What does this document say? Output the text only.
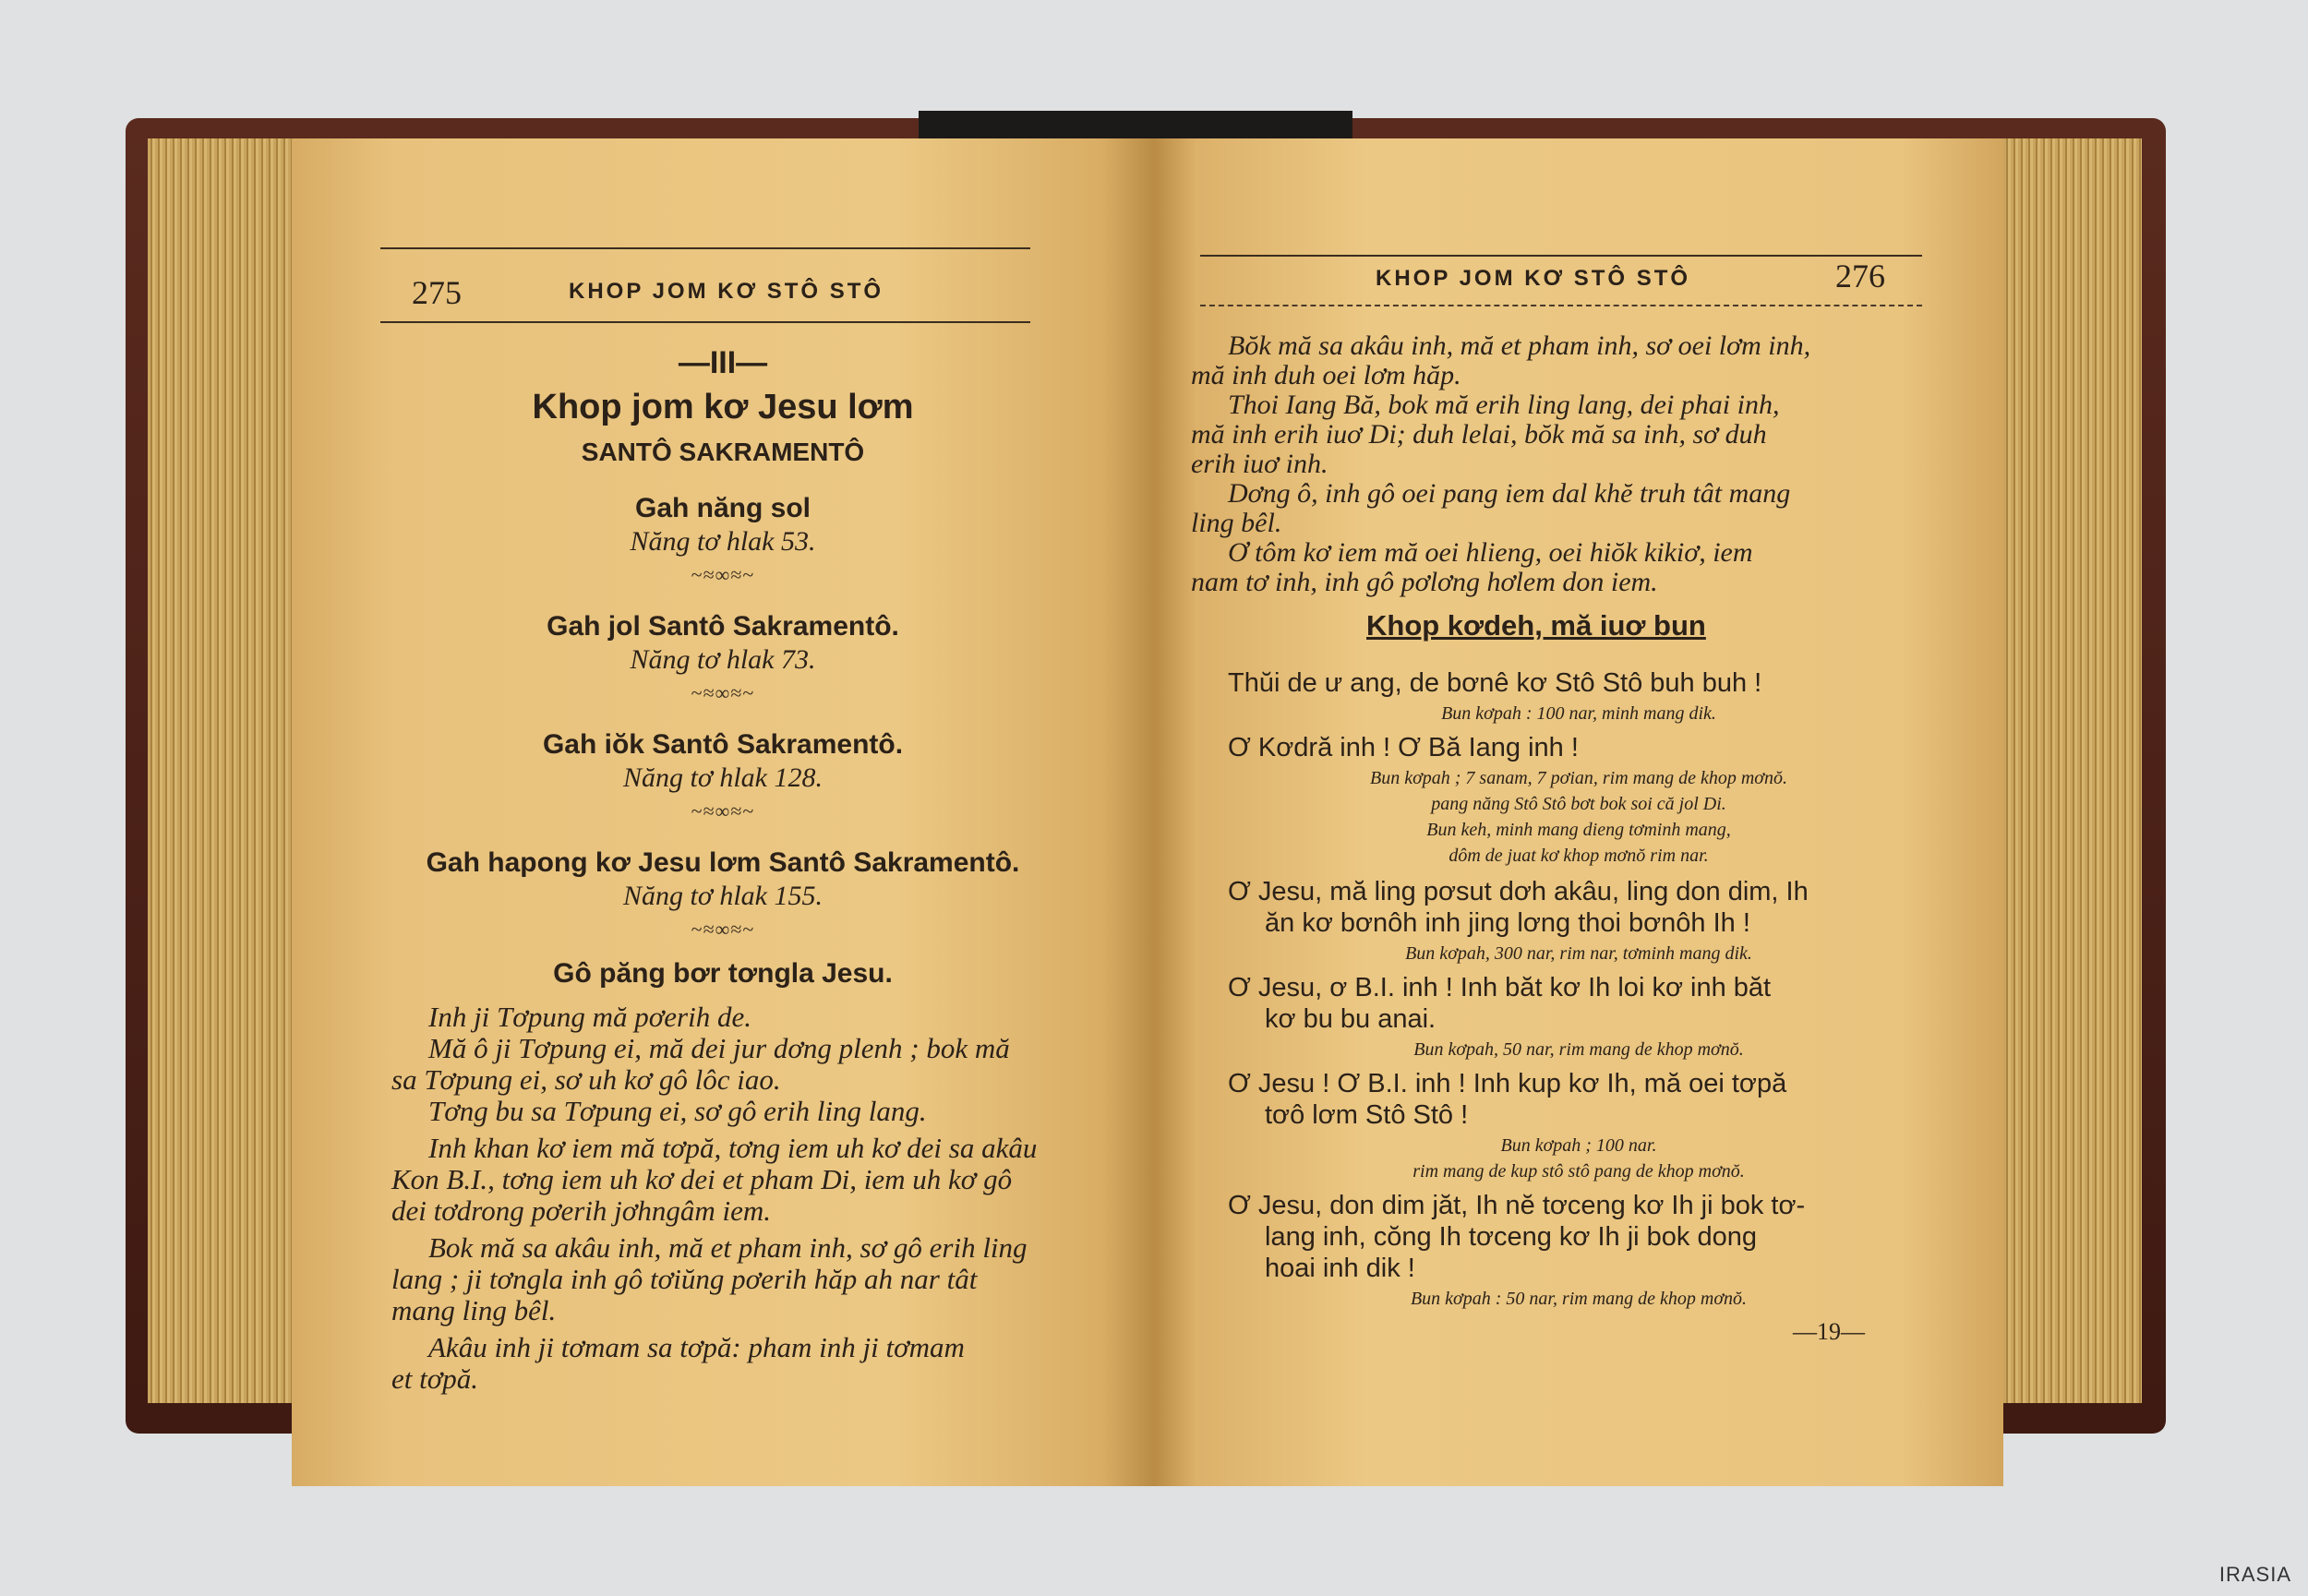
275	KHOP JOM KƠ STÔ STÔ
—III—
Khop jom kơ Jesu lơm
SANTÔ SAKRAMENTÔ
Gah năng sol
Năng tơ hlak 53.
~≈∞≈~
Gah jol Santô Sakramentô.
Năng tơ hlak 73.
~≈∞≈~
Gah iŏk Santô Sakramentô.
Năng tơ hlak 128.
~≈∞≈~
Gah hapong kơ Jesu lơm Santô Sakramentô.
Năng tơ hlak 155.
~≈∞≈~
Gô păng bơr tơngla Jesu.
Inh ji Tơpung mă pơerih de.
Mă ô ji Tơpung ei, mă dei jur dơng plenh ; bok mă
sa Tơpung ei, sơ uh kơ gô lôc iao.
Tơng bu sa Tơpung ei, sơ gô erih ling lang.
Inh khan kơ iem mă tơpă, tơng iem uh kơ dei sa akâu
Kon B.I., tơng iem uh kơ dei et pham Di, iem uh kơ gô
dei tơdrong pơerih jơhngâm iem.
Bok mă sa akâu inh, mă et pham inh, sơ gô erih ling
lang ; ji tơngla inh gô tơiŭng pơerih hăp ah nar tât
mang ling bêl.
Akâu inh ji tơmam sa tơpă: pham inh ji tơmam
et tơpă.
KHOP JOM KƠ STÔ STÔ	276
Bŏk mă sa akâu inh, mă et pham inh, sơ oei lơm inh,
mă inh duh oei lơm hăp.
Thoi Iang Bă, bok mă erih ling lang, dei phai inh,
mă inh erih iuơ Di; duh lelai, bŏk mă sa inh, sơ duh
erih iuơ inh.
Dơng ô, inh gô oei pang iem dal khĕ truh tât mang
ling bêl.
Ơ tôm kơ iem mă oei hlieng, oei hiŏk kikiơ, iem
nam tơ inh, inh gô pơlơng hơlem don iem.
Khop kơdeh, mă iuơ bun
Thŭi de ư ang, de bơnê kơ Stô Stô buh buh !
Bun kơpah : 100 nar, minh mang dik.
Ơ Kơdră inh ! Ơ Bă Iang inh !
Bun kơpah ; 7 sanam, 7 pơian, rim mang de khop mơnŏ.
pang năng Stô Stô bơt bok soi că jol Di.
Bun keh, minh mang dieng tơminh mang,
dôm de juat kơ khop mơnŏ rim nar.
Ơ Jesu, mă ling pơsut dơh akâu, ling don dim, Ih
ăn kơ bơnôh inh jing lơng thoi bơnôh Ih !
Bun kơpah, 300 nar, rim nar, tơminh mang dik.
Ơ Jesu, ơ B.I. inh ! Inh băt kơ Ih loi kơ inh băt
kơ bu bu anai.
Bun kơpah, 50 nar, rim mang de khop mơnŏ.
Ơ Jesu ! Ơ B.I. inh ! Inh kup kơ Ih, mă oei tơpă
tơô lơm Stô Stô !
Bun kơpah ; 100 nar.
rim mang de kup stô stô pang de khop mơnŏ.
Ơ Jesu, don dim jăt, Ih nĕ tơceng kơ Ih ji bok tơ-
lang inh, cŏng Ih tơceng kơ Ih ji bok dong
hoai inh dik !
Bun kơpah : 50 nar, rim mang de khop mơnŏ.
—19—
IRASIA
